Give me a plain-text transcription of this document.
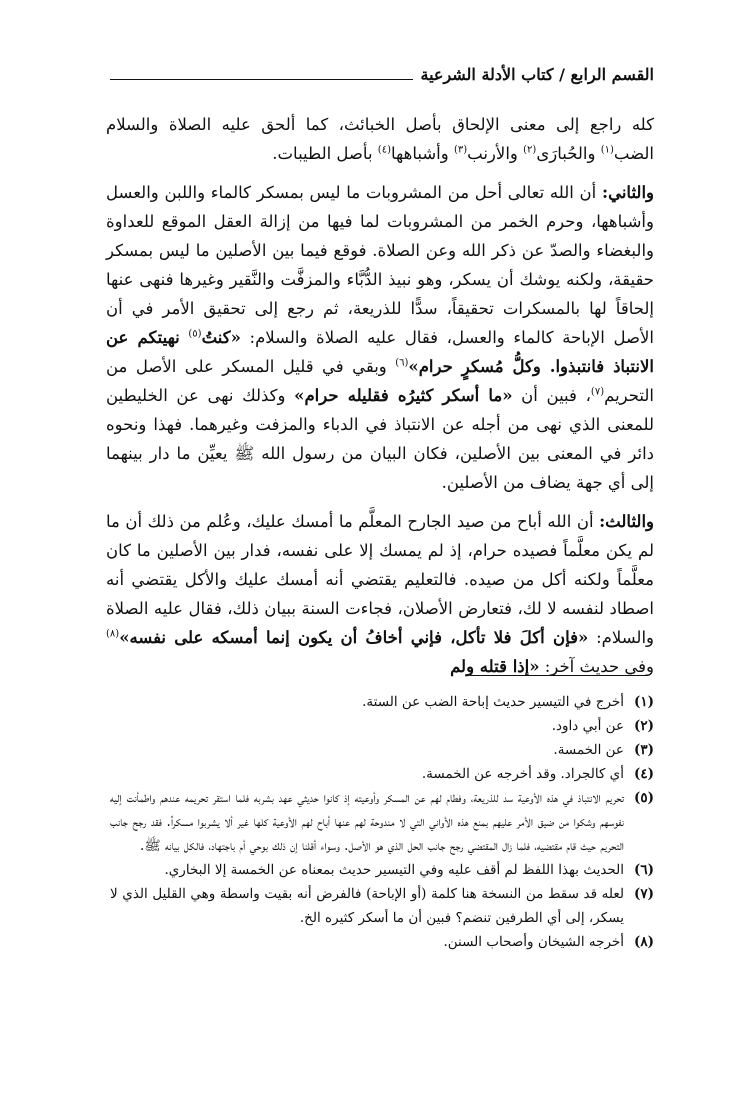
القسم الرابع / كتاب الأدلة الشرعية

كله راجع إلى معنى الإلحاق بأصل الخبائث، كما ألحق عليه الصلاة والسلام الضب$^{(١)}$ والحُبارَى$^{(٢)}$ والأرنب$^{(٣)}$ وأشباهها$^{(٤)}$ بأصل الطيبات.

والثاني: أن الله تعالى أحل من المشروبات ما ليس بمسكر كالماء واللبن والعسل وأشباهها، وحرم الخمر من المشروبات لما فيها من إزالة العقل الموقع للعداوة والبغضاء والصدّ عن ذكر الله وعن الصلاة. فوقع فيما بين الأصلين ما ليس بمسكر حقيقة، ولكنه يوشك أن يسكر، وهو نبيذ الدُّبَّاء والمزفَّت والنَّقير وغيرها فنهى عنها إلحاقاً لها بالمسكرات تحقيقاً، سدًّا للذريعة، ثم رجع إلى تحقيق الأمر في أن الأصل الإباحة كالماء والعسل، فقال عليه الصلاة والسلام: «كنتُ$^{(٥)}$ نهيتكم عن الانتباذ فانتبذوا. وكلُّ مُسكرٍ حرام»$^{(٦)}$ وبقي في قليل المسكر على الأصل من التحريم$^{(٧)}$، فبين أن «ما أسكر كثيرُه فقليله حرام» وكذلك نهى عن الخليطين للمعنى الذي نهى من أجله عن الانتباذ في الدباء والمزفت وغيرهما. فهذا ونحوه دائر في المعنى بين الأصلين، فكان البيان من رسول الله ﷺ يعيِّن ما دار بينهما إلى أي جهة يضاف من الأصلين.

والثالث: أن الله أباح من صيد الجارح المعلَّم ما أمسك عليك، وعُلم من ذلك أن ما لم يكن معلَّماً فصيده حرام، إذ لم يمسك إلا على نفسه، فدار بين الأصلين ما كان معلَّماً ولكنه أكل من صيده. فالتعليم يقتضي أنه أمسك عليك والأكل يقتضي أنه اصطاد لنفسه لا لك، فتعارض الأصلان، فجاءت السنة ببيان ذلك، فقال عليه الصلاة والسلام: «فإن أكلَ فلا تأكل، فإني أخافُ أن يكون إنما أمسكه على نفسه»$^{(٨)}$ وفي حديث آخر: «إذا قتله ولم

(١)
أخرج في التيسير حديث إباحة الضب عن الستة.
(٢)
عن أبي داود.
(٣)
عن الخمسة.
(٤)
أي كالجراد. وقد أخرجه عن الخمسة.
(٥)
تحريم الانتباذ في هذه الأوعية سد للذريعة، وفطام لهم عن المسكر وأوعيته إذ كانوا حديثي عهد بشربه فلما استقر تحريمه عندهم واطمأنت إليه نفوسهم وشكوا من ضيق الأمر عليهم بمنع هذه الأواني التي لا مندوحة لهم عنها أباح لهم الأوعية كلها غير ألا يشربوا مسكراً. فقد رجح جانب التحريم حيث قام مقتضيه، فلما زال المقتضي رجح جانب الحل الذي هو الأصل. وسواء أقلنا إن ذلك بوحي أم باجتهاد، فالكل بيانه ﷺ.
(٦)
الحديث بهذا اللفظ لم أقف عليه وفي التيسير حديث بمعناه عن الخمسة إلا البخاري.
(٧)
لعله قد سقط من النسخة هنا كلمة (أو الإباحة) فالفرض أنه بقيت واسطة وهي القليل الذي لا يسكر، إلى أي الطرفين تنضم؟ فبين أن ما أسكر كثيره الخ.
(٨)
أخرجه الشيخان وأصحاب السنن.
